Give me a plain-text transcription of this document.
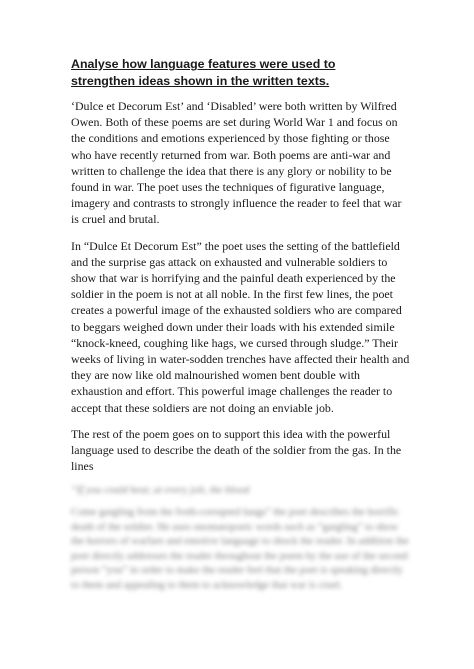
Analyse how language features were used to strengthen ideas shown in the written texts.

‘Dulce et Decorum Est’ and ‘Disabled’ were both written by Wilfred Owen. Both of these poems are set during World War 1 and focus on the conditions and emotions experienced by those fighting or those who have recently returned from war. Both poems are anti-war and written to challenge the idea that there is any glory or nobility to be found in war. The poet uses the techniques of figurative language, imagery and contrasts to strongly influence the reader to feel that war is cruel and brutal.

In “Dulce Et Decorum Est” the poet uses the setting of the battlefield and the surprise gas attack on exhausted and vulnerable soldiers to show that war is horrifying and the painful death experienced by the soldier in the poem is not at all noble. In the first few lines, the poet creates a powerful image of the exhausted soldiers who are compared to beggars weighed down under their loads with his extended simile “knock-kneed, coughing like hags, we cursed through sludge.” Their weeks of living in water-sodden trenches have affected their health and they are now like old malnourished women bent double with exhaustion and effort. This powerful image challenges the reader to accept that these soldiers are not doing an enviable job.

The rest of the poem goes on to support this idea with the powerful language used to describe the death of the soldier from the gas. In the lines

“If you could hear, at every jolt, the blood

Come gargling from the froth-corrupted lungs” the poet describes the horrific death of the soldier. He uses onomatopoeic words such as “gargling” to show the horrors of warfare and emotive language to shock the reader. In addition the poet directly addresses the reader throughout the poem by the use of the second person “you” in order to make the reader feel that the poet is speaking directly to them and appealing to them to acknowledge that war is cruel.
